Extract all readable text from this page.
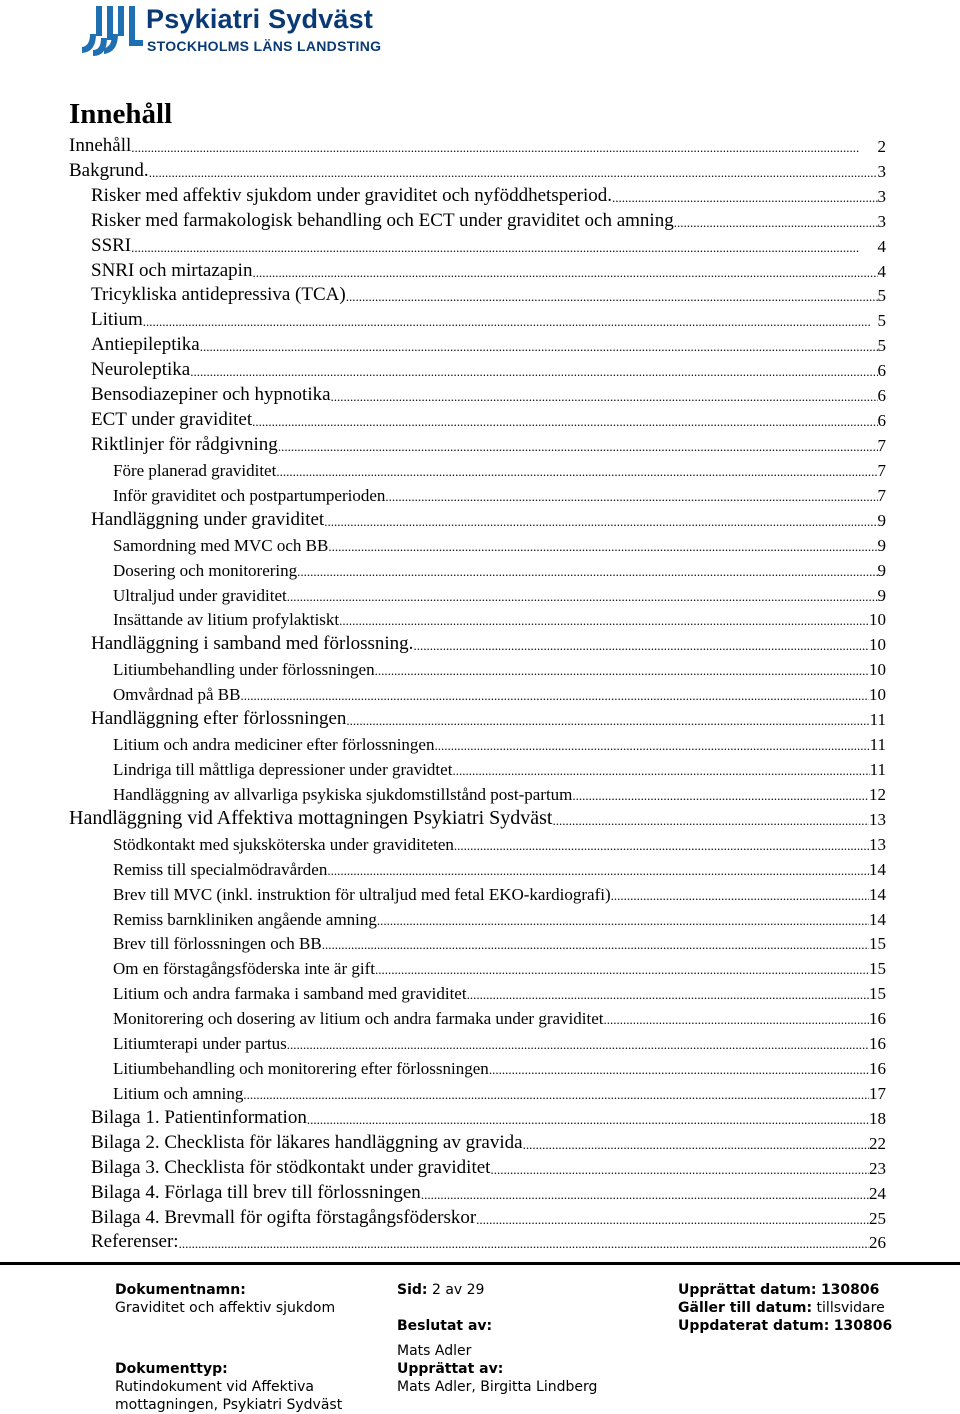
Psykiatri Sydväst
STOCKHOLMS LÄNS LANDSTING
Innehåll
Innehåll .....	2
Bakgrund. .....	3
Risker med affektiv sjukdom under graviditet och nyföddhetsperiod. .....	3
Risker med farmakologisk behandling och ECT under graviditet och amning .....	3
SSRI .....	4
SNRI och mirtazapin .....	4
Tricykliska antidepressiva (TCA) .....	5
Litium .....	5
Antiepileptika .....	5
Neuroleptika .....	6
Bensodiazepiner och hypnotika .....	6
ECT under graviditet .....	6
Riktlinjer för rådgivning .....	7
Före planerad graviditet .....	7
Inför graviditet och postpartumperioden .....	7
Handläggning under graviditet .....	9
Samordning med MVC och BB .....	9
Dosering och monitorering .....	9
Ultraljud under graviditet .....	9
Insättande av litium profylaktiskt .....	10
Handläggning i samband med förlossning. .....	10
Litiumbehandling under förlossningen .....	10
Omvårdnad på BB .....	10
Handläggning efter förlossningen .....	11
Litium och andra mediciner efter förlossningen .....	11
Lindriga till måttliga depressioner under gravidtet .....	11
Handläggning av allvarliga psykiska sjukdomstillstånd post-partum .....	12
Handläggning vid Affektiva mottagningen Psykiatri Sydväst .....	13
Stödkontakt med sjuksköterska under graviditeten .....	13
Remiss till specialmödravården .....	14
Brev till MVC (inkl. instruktion för ultraljud med fetal EKO-kardiografi) .....	14
Remiss barnkliniken angående amning .....	14
Brev till förlossningen och BB .....	15
Om en förstagångsföderska inte är gift .....	15
Litium och andra farmaka i samband med graviditet .....	15
Monitorering och dosering av litium och andra farmaka under graviditet .....	16
Litiumterapi under partus .....	16
Litiumbehandling och monitorering efter förlossningen .....	16
Litium och amning .....	17
Bilaga 1. Patientinformation .....	18
Bilaga 2. Checklista för läkares handläggning av gravida .....	22
Bilaga 3. Checklista för stödkontakt under graviditet .....	23
Bilaga 4. Förlaga till brev till förlossningen .....	24
Bilaga 4. Brevmall för ogifta förstagångsföderskor .....	25
Referenser: .....	26
Dokumentnamn:
Graviditet och affektiv sjukdom
Dokumenttyp:
Rutindokument vid Affektiva
mottagningen, Psykiatri Sydväst
Sid: 2 av 29
Beslutat av:
Mats Adler
Upprättat av:
Mats Adler, Birgitta Lindberg
Upprättat datum: 130806
Gäller till datum: tillsvidare
Uppdaterat datum: 130806
